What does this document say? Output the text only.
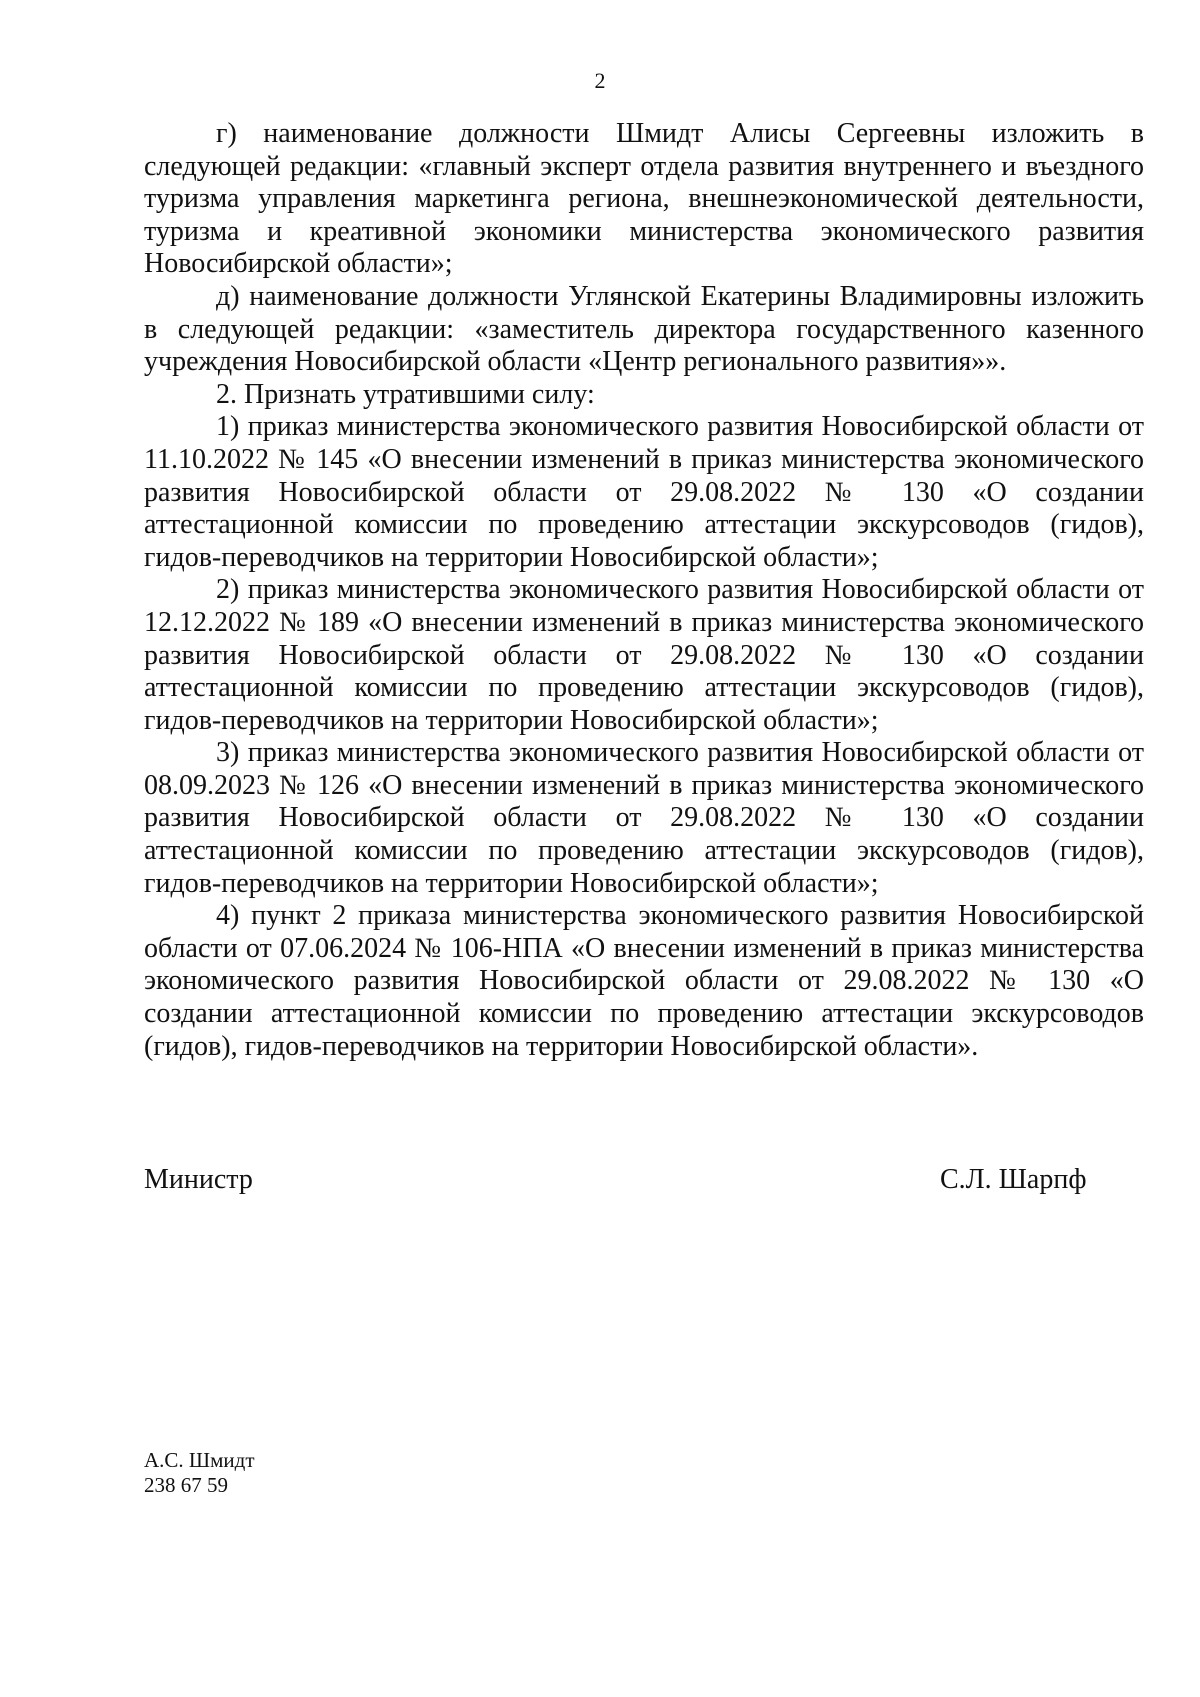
2

г) наименование должности Шмидт Алисы Сергеевны изложить в следующей редакции: «главный эксперт отдела развития внутреннего и въездного туризма управления маркетинга региона, внешнеэкономической деятельности, туризма и креативной экономики министерства экономического развития Новосибирской области»;

д) наименование должности Углянской Екатерины Владимировны изложить в следующей редакции: «заместитель директора государственного казенного учреждения Новосибирской области «Центр регионального развития»».

2. Признать утратившими силу:

1) приказ министерства экономического развития Новосибирской области от 11.10.2022 № 145 «О внесении изменений в приказ министерства экономического развития Новосибирской области от 29.08.2022 № 130 «О создании аттестационной комиссии по проведению аттестации экскурсоводов (гидов), гидов-переводчиков на территории Новосибирской области»;

2) приказ министерства экономического развития Новосибирской области от 12.12.2022 № 189 «О внесении изменений в приказ министерства экономического развития Новосибирской области от 29.08.2022 № 130 «О создании аттестационной комиссии по проведению аттестации экскурсоводов (гидов), гидов-переводчиков на территории Новосибирской области»;

3) приказ министерства экономического развития Новосибирской области от 08.09.2023 № 126 «О внесении изменений в приказ министерства экономического развития Новосибирской области от 29.08.2022 № 130 «О создании аттестационной комиссии по проведению аттестации экскурсоводов (гидов), гидов-переводчиков на территории Новосибирской области»;

4) пункт 2 приказа министерства экономического развития Новосибирской области от 07.06.2024 № 106-НПА «О внесении изменений в приказ министерства экономического развития Новосибирской области от 29.08.2022 № 130 «О создании аттестационной комиссии по проведению аттестации экскурсоводов (гидов), гидов-переводчиков на территории Новосибирской области».

Министр	С.Л. Шарпф
А.С. Шмидт
238 67 59
